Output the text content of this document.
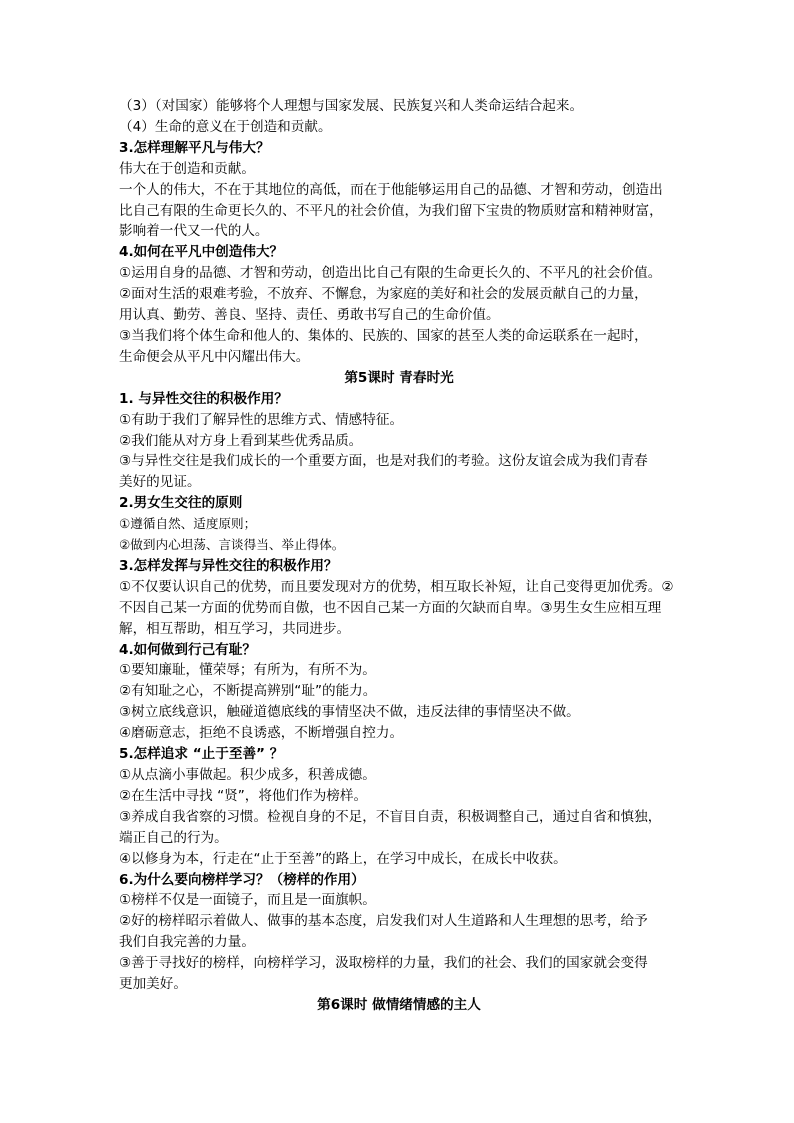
（3）（对国家）能够将个人理想与国家发展、民族复兴和人类命运结合起来。
（4）生命的意义在于创造和贡献。
3.怎样理解平凡与伟大？
伟大在于创造和贡献。
一个人的伟大，不在于其地位的高低，而在于他能够运用自己的品德、才智和劳动，创造出
比自己有限的生命更长久的、不平凡的社会价值，为我们留下宝贵的物质财富和精神财富，
影响着一代又一代的人。
4.如何在平凡中创造伟大？
①运用自身的品德、才智和劳动，创造出比自己有限的生命更长久的、不平凡的社会价值。
②面对生活的艰难考验，不放弃、不懈怠，为家庭的美好和社会的发展贡献自己的力量，
用认真、勤劳、善良、坚持、责任、勇敢书写自己的生命价值。
③当我们将个体生命和他人的、集体的、民族的、国家的甚至人类的命运联系在一起时，
生命便会从平凡中闪耀出伟大。
第5课时 青春时光
1. 与异性交往的积极作用？
①有助于我们了解异性的思维方式、情感特征。
②我们能从对方身上看到某些优秀品质。
③与异性交往是我们成长的一个重要方面，也是对我们的考验。这份友谊会成为我们青春
美好的见证。
2.男女生交往的原则
①遵循自然、适度原则；
②做到内心坦荡、言谈得当、举止得体。
3.怎样发挥与异性交往的积极作用？
①不仅要认识自己的优势，而且要发现对方的优势，相互取长补短，让自己变得更加优秀。②
不因自己某一方面的优势而自傲，也不因自己某一方面的欠缺而自卑。③男生女生应相互理
解，相互帮助，相互学习，共同进步。
4.如何做到行己有耻？
①要知廉耻，懂荣辱；有所为，有所不为。
②有知耻之心，不断提高辨别“耻”的能力。
③树立底线意识，触碰道德底线的事情坚决不做，违反法律的事情坚决不做。
④磨砺意志，拒绝不良诱惑，不断增强自控力。
5.怎样追求 “止于至善” ？
①从点滴小事做起。积少成多，积善成德。
②在生活中寻找 “贤”，将他们作为榜样。
③养成自我省察的习惯。检视自身的不足，不盲目自责，积极调整自己，通过自省和慎独，
端正自己的行为。
④以修身为本，行走在“止于至善”的路上，在学习中成长，在成长中收获。
6.为什么要向榜样学习？（榜样的作用）
①榜样不仅是一面镜子，而且是一面旗帜。
②好的榜样昭示着做人、做事的基本态度，启发我们对人生道路和人生理想的思考，给予
我们自我完善的力量。
③善于寻找好的榜样，向榜样学习，汲取榜样的力量，我们的社会、我们的国家就会变得
更加美好。
第6课时 做情绪情感的主人
